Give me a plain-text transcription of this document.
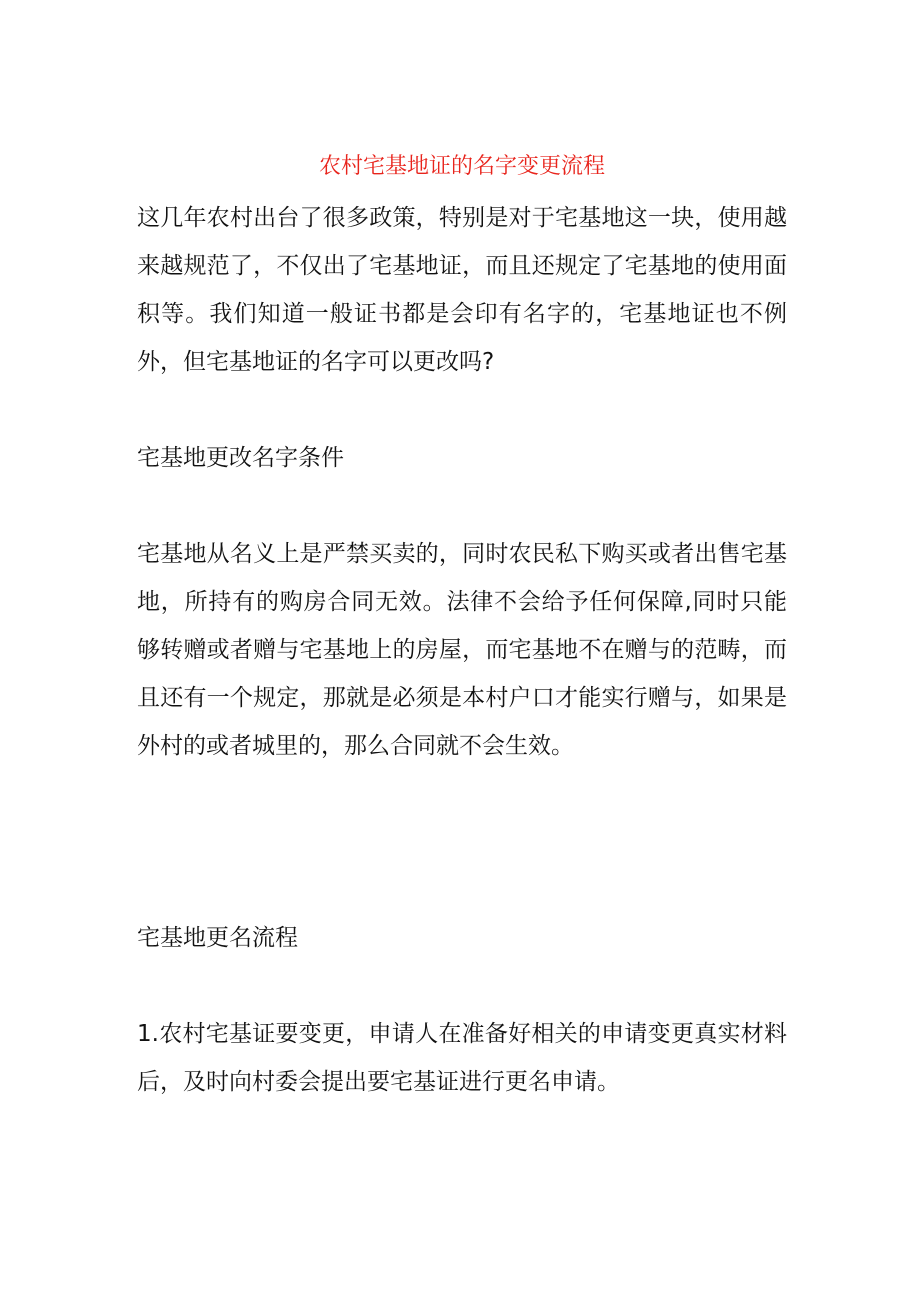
农村宅基地证的名字变更流程

这几年农村出台了很多政策，特别是对于宅基地这一块，使用越来越规范了，不仅出了宅基地证，而且还规定了宅基地的使用面积等。我们知道一般证书都是会印有名字的，宅基地证也不例外，但宅基地证的名字可以更改吗?

宅基地更改名字条件

宅基地从名义上是严禁买卖的，同时农民私下购买或者出售宅基地，所持有的购房合同无效。法律不会给予任何保障,同时只能够转赠或者赠与宅基地上的房屋，而宅基地不在赠与的范畴，而且还有一个规定，那就是必须是本村户口才能实行赠与，如果是外村的或者城里的，那么合同就不会生效。

宅基地更名流程

1.农村宅基证要变更，申请人在准备好相关的申请变更真实材料后，及时向村委会提出要宅基证进行更名申请。
